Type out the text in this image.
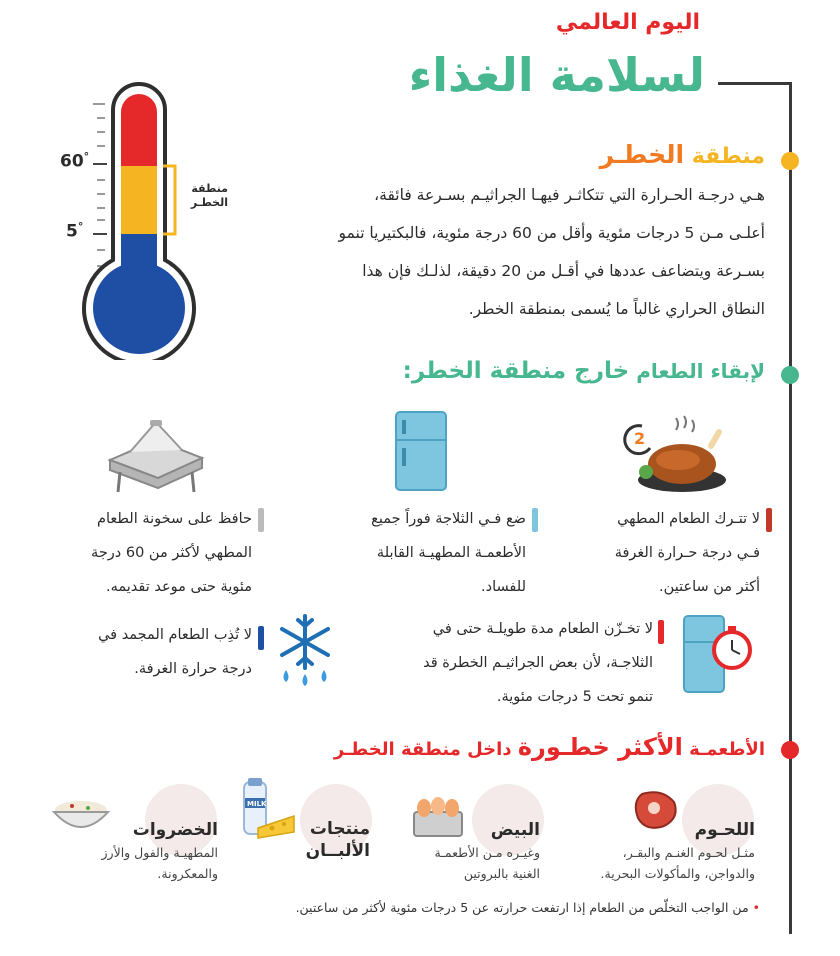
اليوم العالمي
لسلامة الغذاء
60°
5°
منطقة
الخطـر
منطقة الخطـر
هـي درجـة الحـرارة التي تتكاثـر فيهـا الجراثيـم بسـرعة فائقة،
أعلـى مـن 5 درجات مئوية وأقل من 60 درجة مئوية، فالبكتيريا تنمو
بسـرعة ويتضاعف عددها في أقـل من 20 دقيقة، لذلـك فإن هذا
النطاق الحراري غالباً ما يُسمى بمنطقة الخطر.
لإبقاء الطعام خارج منطقة الخطر:
2
لا تتـرك الطعام المطهي
فـي درجة حـرارة الغرفة
أكثر من ساعتين.
ضع فـي الثلاجة فوراً جميع
الأطعمـة المطهيـة القابلة
للفساد.
حافظ على سخونة الطعام
المطهي لأكثر من 60 درجة
مئوية حتى موعد تقديمه.
لا تخـزّن الطعام مدة طويلـة حتى في
الثلاجـة، لأن بعض الجراثيـم الخطرة قد
تنمو تحت 5 درجات مئوية.
لا تُذِب الطعام المجمد في
درجة حرارة الغرفة.
الأطعمـة الأكثر خطـورة داخل منطقة الخطـر
اللحـوم
مثـل لحـوم الغنـم والبقـر،
والدواجن، والمأكولات البحرية.
البيض
وغيـره مـن الأطعمـة
الغنية بالبروتين
MILK
منتجات
الألبــان
الخضروات
المطهيـة والفول والأرز
والمعكرونة.
• من الواجب التخلّص من الطعام إذا ارتفعت حرارته عن 5 درجات مئوية لأكثر من ساعتين.
